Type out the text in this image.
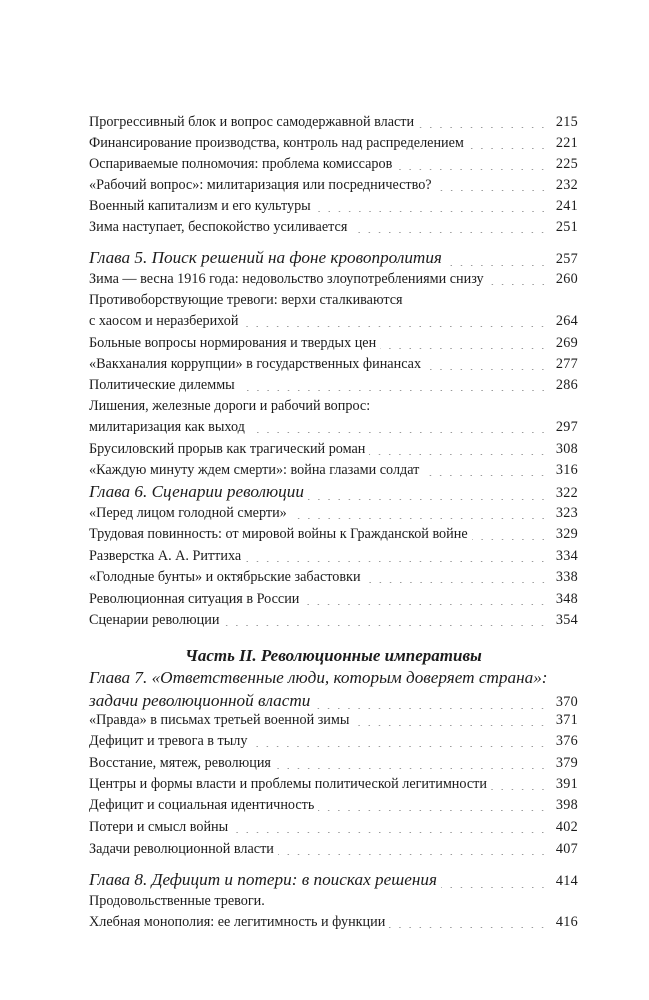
Прогрессивный блок и вопрос самодержавной власти	215
Финансирование производства, контроль над распределением	221
Оспариваемые полномочия: проблема комиссаров	225
«Рабочий вопрос»: милитаризация или посредничество?	232
Военный капитализм и его культуры	241
Зима наступает, беспокойство усиливается	251
Глава 5. Поиск решений на фоне кровопролития	257
Зима — весна 1916 года: недовольство злоупотреблениями снизу	260
Противоборствующие тревоги: верхи сталкиваются
с хаосом и неразберихой	264
Больные вопросы нормирования и твердых цен	269
«Вакханалия коррупции» в государственных финансах	277
Политические дилеммы	286
Лишения, железные дороги и рабочий вопрос:
милитаризация как выход	297
Брусиловский прорыв как трагический роман	308
«Каждую минуту ждем смерти»: война глазами солдат	316
Глава 6. Сценарии революции	322
«Перед лицом голодной смерти»	323
Трудовая повинность: от мировой войны к Гражданской войне	329
Разверстка А. А. Риттиха	334
«Голодные бунты» и октябрьские забастовки	338
Революционная ситуация в России	348
Сценарии революции	354
Часть II. Революционные императивы
Глава 7. «Ответственные люди, которым доверяет страна»:
задачи революционной власти	370
«Правда» в письмах третьей военной зимы	371
Дефицит и тревога в тылу	376
Восстание, мятеж, революция	379
Центры и формы власти и проблемы политической легитимности	391
Дефицит и социальная идентичность	398
Потери и смысл войны	402
Задачи революционной власти	407
Глава 8. Дефицит и потери: в поисках решения	414
Продовольственные тревоги.
Хлебная монополия: ее легитимность и функции	416
